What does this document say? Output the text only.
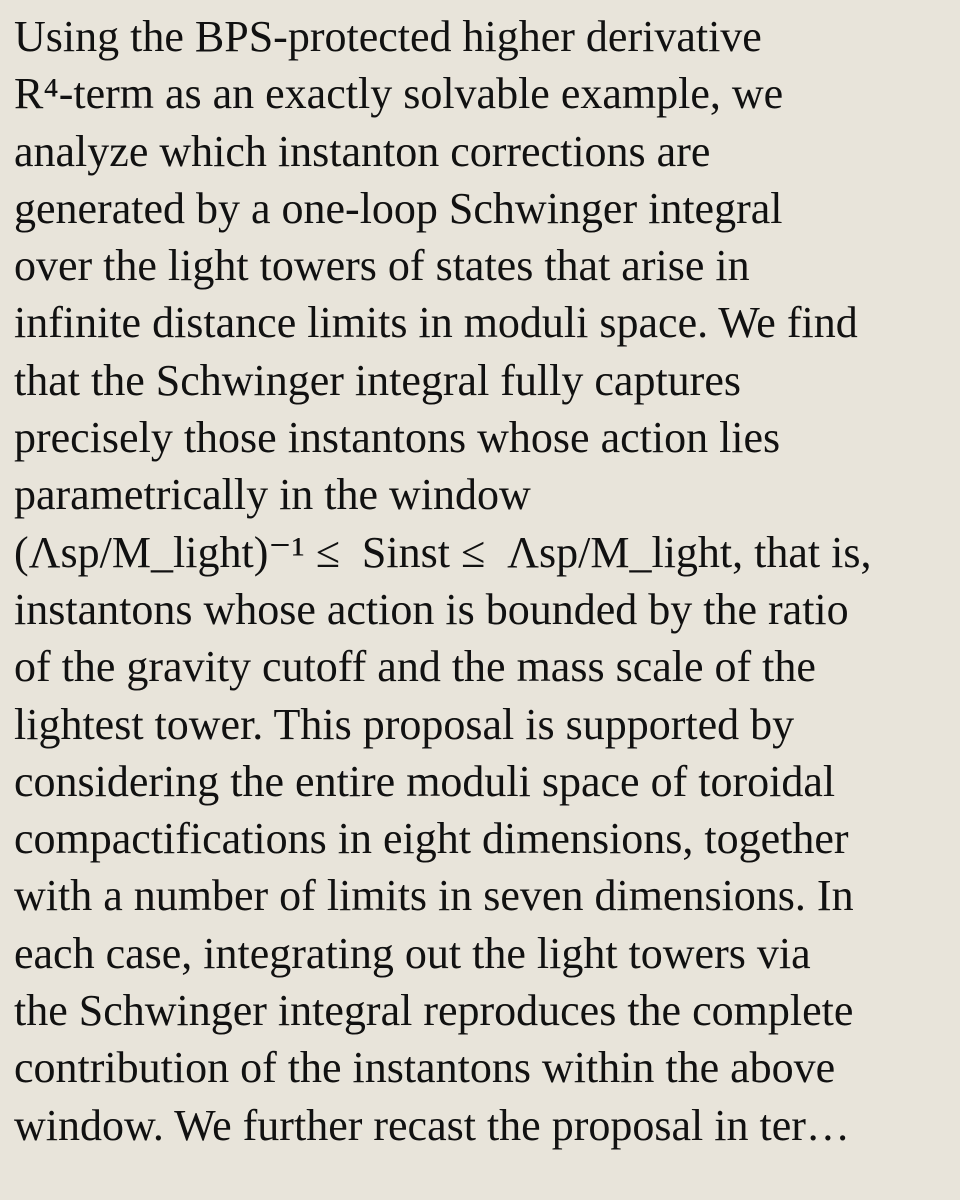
Using the BPS-protected higher derivative
R⁴-term as an exactly solvable example, we
analyze which instanton corrections are
generated by a one-loop Schwinger integral
over the light towers of states that arise in
infinite distance limits in moduli space. We find
that the Schwinger integral fully captures
precisely those instantons whose action lies
parametrically in the window
(Λsp/M_light)⁻¹ ≤  Sinst ≤  Λsp/M_light, that is,
instantons whose action is bounded by the ratio
of the gravity cutoff and the mass scale of the
lightest tower. This proposal is supported by
considering the entire moduli space of toroidal
compactifications in eight dimensions, together
with a number of limits in seven dimensions. In
each case, integrating out the light towers via
the Schwinger integral reproduces the complete
contribution of the instantons within the above
window. We further recast the proposal in ter…
